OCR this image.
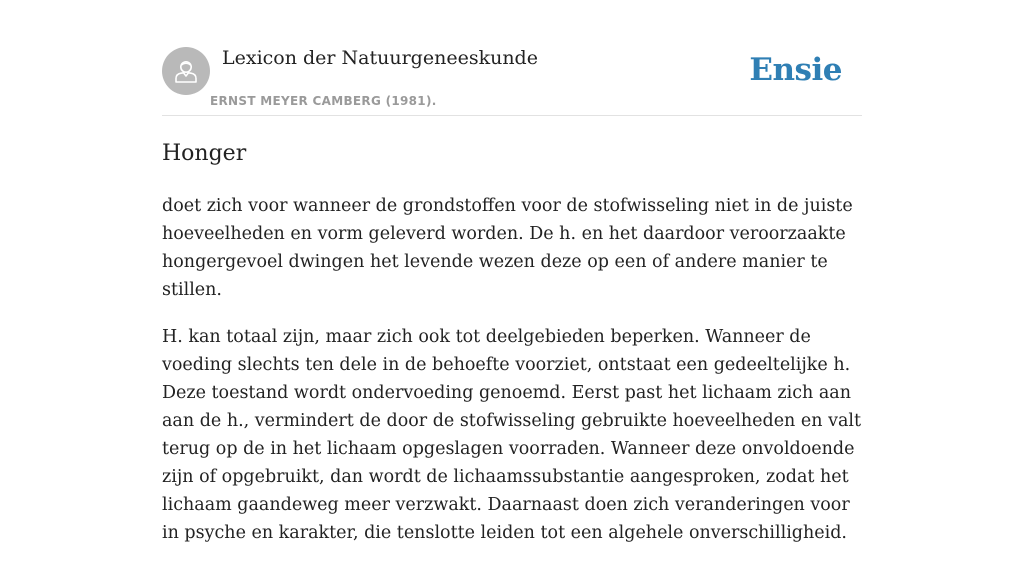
Lexicon der Natuurgeneeskunde
ERNST MEYER CAMBERG (1981).
Ensie
Honger

doet zich voor wanneer de grondstoffen voor de stofwisseling niet in de juiste hoeveelheden en vorm geleverd worden. De h. en het daardoor veroorzaakte hongergevoel dwingen het levende wezen deze op een of andere manier te stillen.

H. kan totaal zijn, maar zich ook tot deelgebieden beperken. Wanneer de voeding slechts ten dele in de behoefte voorziet, ontstaat een gedeeltelijke h. Deze toestand wordt ondervoeding genoemd. Eerst past het lichaam zich aan aan de h., vermindert de door de stofwisseling gebruikte hoeveelheden en valt terug op de in het lichaam opgeslagen voorraden. Wanneer deze onvoldoende zijn of opgebruikt, dan wordt de lichaamssubstantie aangesproken, zodat het lichaam gaandeweg meer verzwakt. Daarnaast doen zich veranderingen voor in psyche en karakter, die tenslotte leiden tot een algehele onverschilligheid.
